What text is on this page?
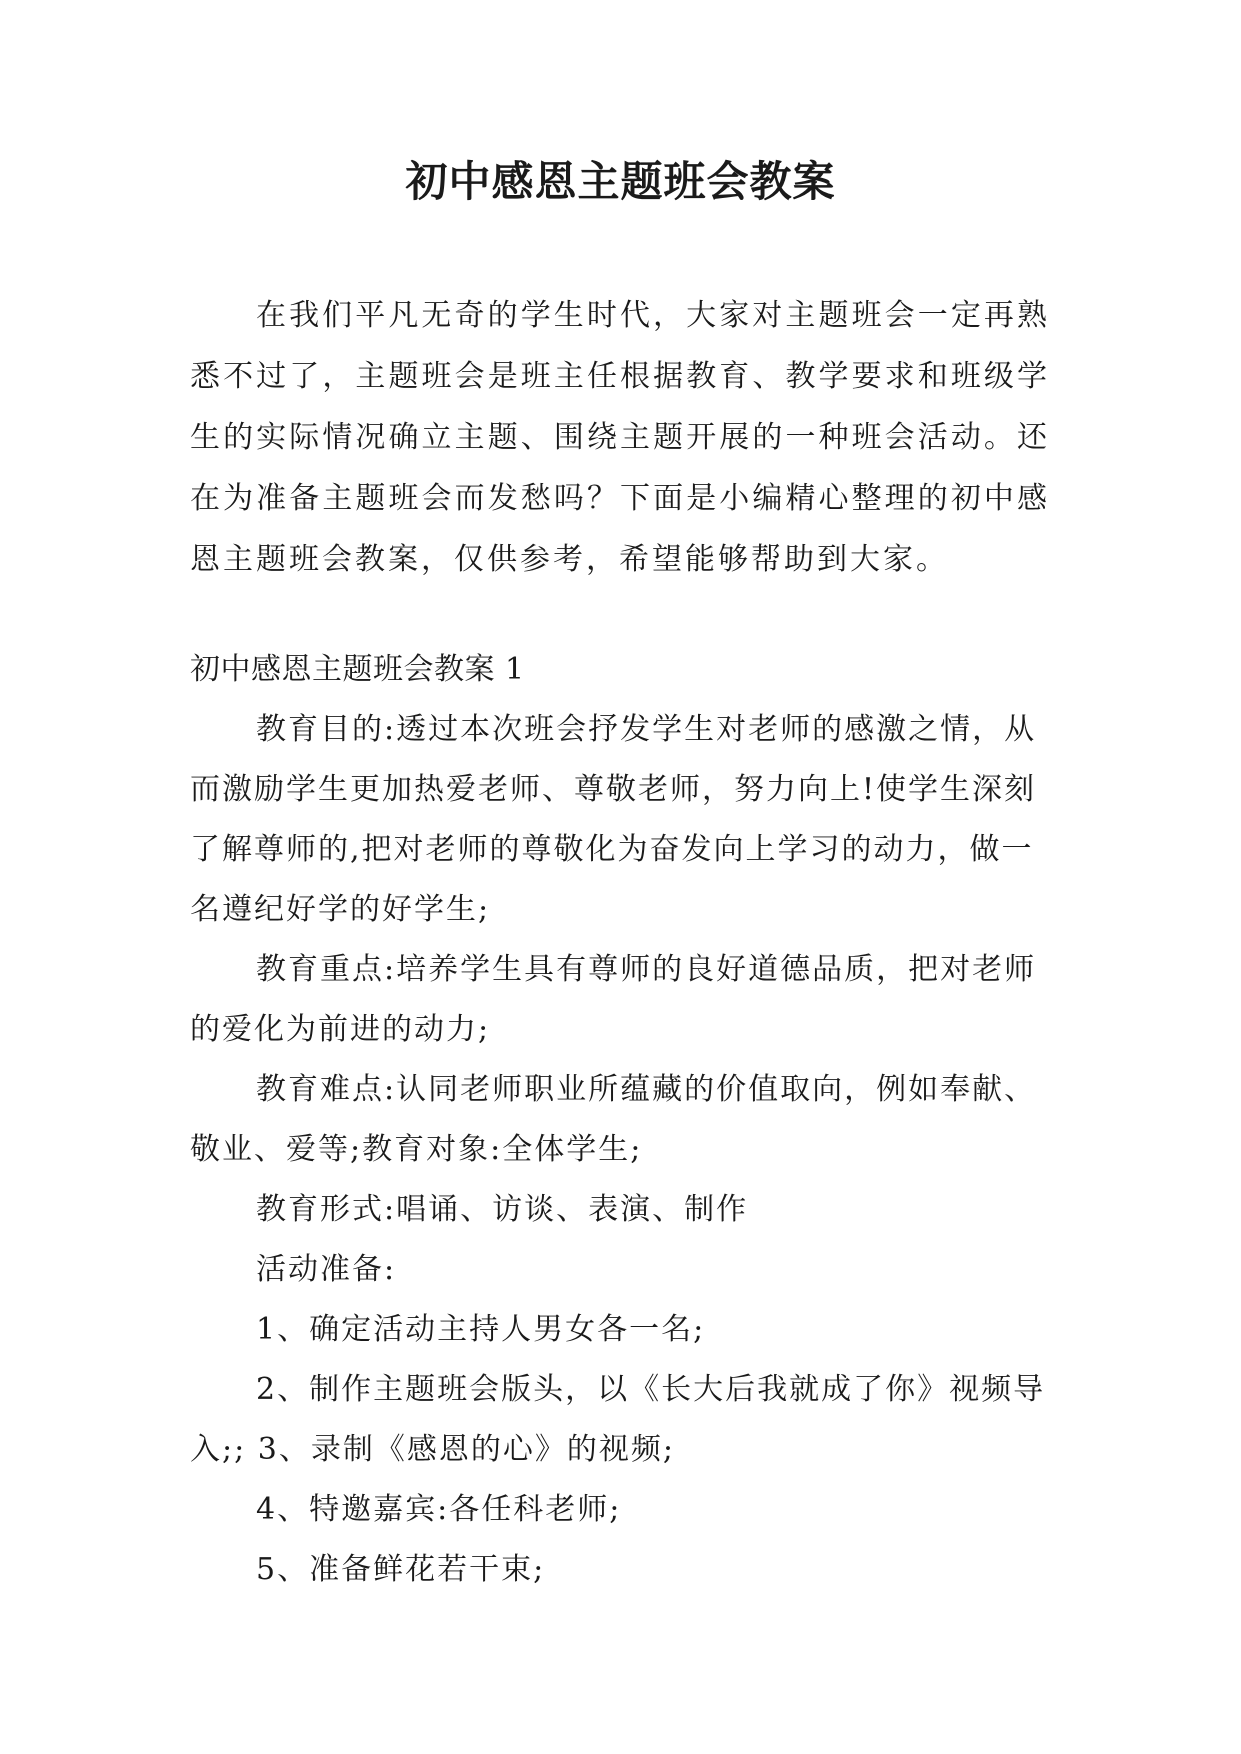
初中感恩主题班会教案
在我们平凡无奇的学生时代，大家对主题班会一定再熟悉不过了，主题班会是班主任根据教育、教学要求和班级学生的实际情况确立主题、围绕主题开展的一种班会活动。还在为准备主题班会而发愁吗？下面是小编精心整理的初中感恩主题班会教案，仅供参考，希望能够帮助到大家。

初中感恩主题班会教案 1

教育目的:透过本次班会抒发学生对老师的感激之情，从而激励学生更加热爱老师、尊敬老师，努力向上!使学生深刻了解尊师的,把对老师的尊敬化为奋发向上学习的动力，做一名遵纪好学的好学生;

教育重点:培养学生具有尊师的良好道德品质，把对老师的爱化为前进的动力;

教育难点:认同老师职业所蕴藏的价值取向，例如奉献、敬业、爱等;教育对象:全体学生;

教育形式:唱诵、访谈、表演、制作

活动准备:

1、确定活动主持人男女各一名;

2、制作主题班会版头，以《长大后我就成了你》视频导入;; 3、录制《感恩的心》的视频;

4、特邀嘉宾:各任科老师;

5、准备鲜花若干束;
